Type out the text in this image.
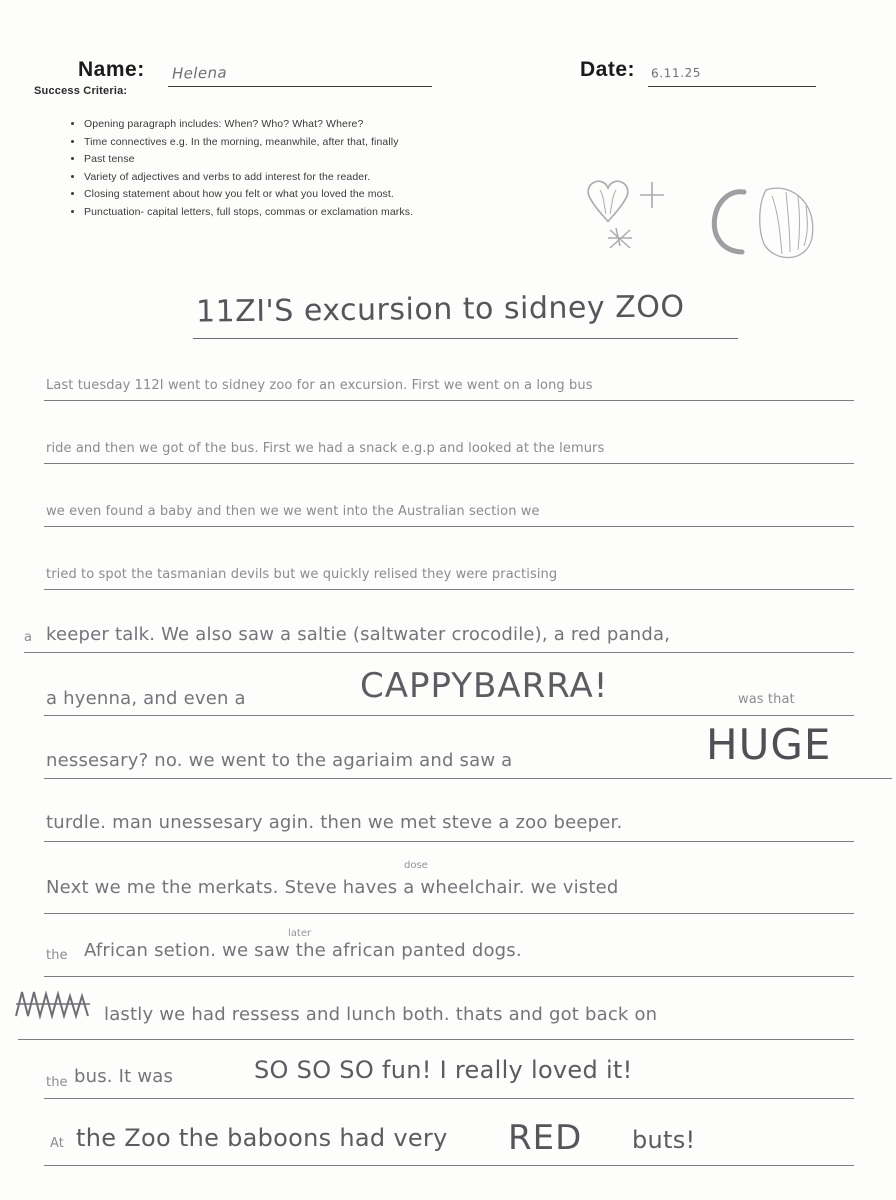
Name: Helena	Date: 6.11.25
Success Criteria:
• Opening paragraph includes: When? Who? What? Where?
• Time connectives e.g. In the morning, meanwhile, after that, finally
• Past tense
• Variety of adjectives and verbs to add interest for the reader.
• Closing statement about how you felt or what you loved the most.
• Punctuation- capital letters, full stops, commas or exclamation marks.
11ZI'S excursion to sidney ZOO
Last tuesday 112I went to sidney zoo for an excursion. First we went on a long bus
ride and then we got of the bus. First we had a snack e.g.p and looked at the lemurs
we even found a baby and then we we went into the Australian section we
tried to spot the tasmanian devils but we quickly relised they were practising
a keeper talk. We also saw a saltie (saltwater crocodile), a red panda,
a hyenna, and even a	CAPPYBARRA!	was that
nessesary? no. we went to the agariaim and saw a	HUGE
turdle. man unessesary agin. then we met steve a zoo beeper.
dose
Next we me the merkats. Steve haves a wheelchair. we visted
the
later
African setion. we saw the african panted dogs.
lastly we had ressess and lunch both. thats and got back on
the bus. It was	SO SO SO fun! I really loved it!
At the Zoo the baboons had very RED buts!
